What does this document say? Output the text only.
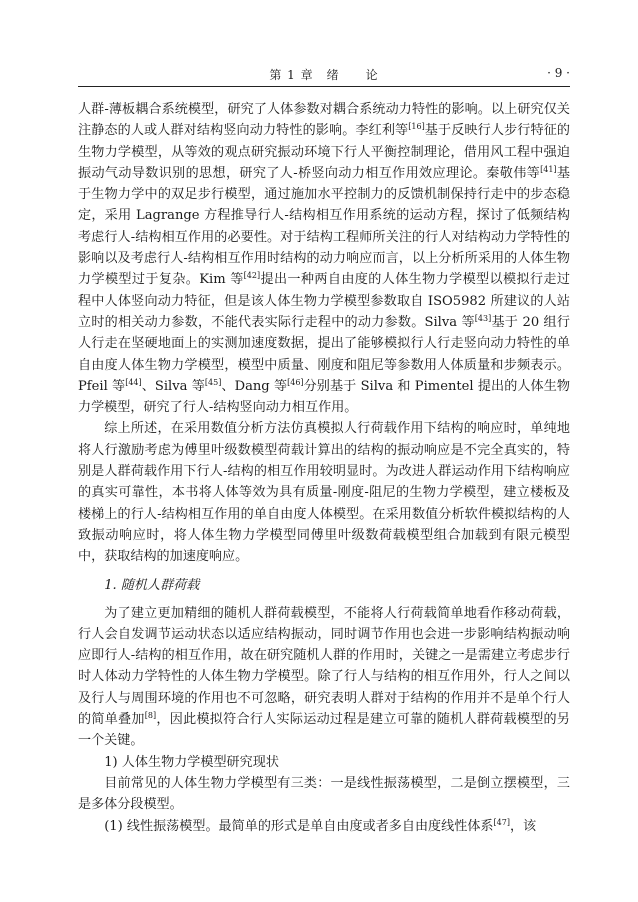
第 1 章　绪　　论	· 9 ·

人群-薄板耦合系统模型，研究了人体参数对耦合系统动力特性的影响。以上研究仅关注静态的人或人群对结构竖向动力特性的影响。李红利等[16]基于反映行人步行特征的生物力学模型，从等效的观点研究振动环境下行人平衡控制理论，借用风工程中强迫振动气动导数识别的思想，研究了人-桥竖向动力相互作用效应理论。秦敬伟等[41]基于生物力学中的双足步行模型，通过施加水平控制力的反馈机制保持行走中的步态稳定，采用 Lagrange 方程推导行人-结构相互作用系统的运动方程，探讨了低频结构考虑行人-结构相互作用的必要性。对于结构工程师所关注的行人对结构动力学特性的影响以及考虑行人-结构相互作用时结构的动力响应而言，以上分析所采用的人体生物力学模型过于复杂。Kim 等[42]提出一种两自由度的人体生物力学模型以模拟行走过程中人体竖向动力特征，但是该人体生物力学模型参数取自 ISO5982 所建议的人站立时的相关动力参数，不能代表实际行走程中的动力参数。Silva 等[43]基于 20 组行人行走在坚硬地面上的实测加速度数据，提出了能够模拟行人行走竖向动力特性的单自由度人体生物力学模型，模型中质量、刚度和阻尼等参数用人体质量和步频表示。Pfeil 等[44]、Silva 等[45]、Dang 等[46]分别基于 Silva 和 Pimentel 提出的人体生物力学模型，研究了行人-结构竖向动力相互作用。

综上所述，在采用数值分析方法仿真模拟人行荷载作用下结构的响应时，单纯地将人行激励考虑为傅里叶级数模型荷载计算出的结构的振动响应是不完全真实的，特别是人群荷载作用下行人-结构的相互作用较明显时。为改进人群运动作用下结构响应的真实可靠性，本书将人体等效为具有质量-刚度-阻尼的生物力学模型，建立楼板及楼梯上的行人-结构相互作用的单自由度人体模型。在采用数值分析软件模拟结构的人致振动响应时，将人体生物力学模型同傅里叶级数荷载模型组合加载到有限元模型中，获取结构的加速度响应。

1. 随机人群荷载

为了建立更加精细的随机人群荷载模型，不能将人行荷载简单地看作移动荷载，行人会自发调节运动状态以适应结构振动，同时调节作用也会进一步影响结构振动响应即行人-结构的相互作用，故在研究随机人群的作用时，关键之一是需建立考虑步行时人体动力学特性的人体生物力学模型。除了行人与结构的相互作用外，行人之间以及行人与周围环境的作用也不可忽略，研究表明人群对于结构的作用并不是单个行人的简单叠加[8]，因此模拟符合行人实际运动过程是建立可靠的随机人群荷载模型的另一个关键。

1) 人体生物力学模型研究现状

目前常见的人体生物力学模型有三类：一是线性振荡模型，二是倒立摆模型，三是多体分段模型。

(1) 线性振荡模型。最简单的形式是单自由度或者多自由度线性体系[47]，该
